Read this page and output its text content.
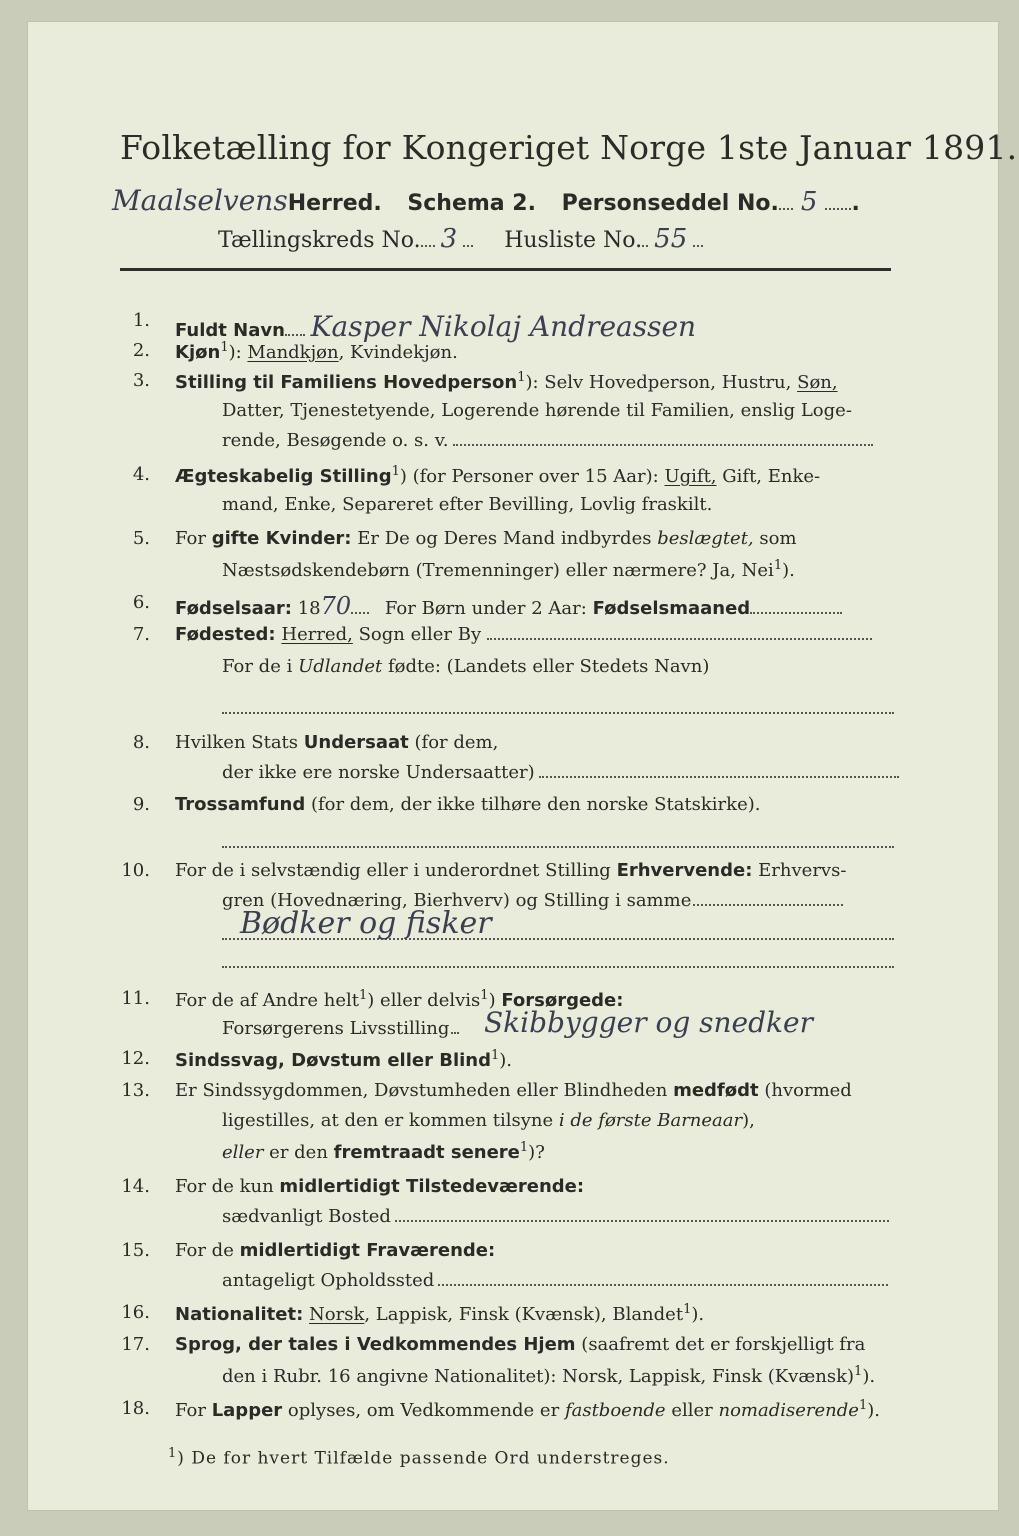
Folketælling for Kongeriget Norge 1ste Januar 1891.
MaalselvensHerred. Schema 2. Personseddel No. 5 .
Tællingskreds No. 3 Husliste No. 55
1. Fuldt Navn Kasper Nikolaj Andreassen
2. Kjøn$^1$): Mandkjøn, Kvindekjøn.
3. Stilling til Familiens Hovedperson$^1$): Selv Hovedperson, Hustru, Søn,
Datter, Tjenestetyende, Logerende hørende til Familien, enslig Loge-
rende, Besøgende o. s. v.
4. Ægteskabelig Stilling$^1$) (for Personer over 15 Aar): Ugift, Gift, Enke-
mand, Enke, Separeret efter Bevilling, Lovlig fraskilt.
5. For gifte Kvinder: Er De og Deres Mand indbyrdes beslægtet, som
Næstsødskendebørn (Tremenninger) eller nærmere? Ja, Nei$^1$).
6. Fødselsaar: 1870 For Børn under 2 Aar: Fødselsmaaned
7. Fødested: Herred, Sogn eller By
For de i Udlandet fødte: (Landets eller Stedets Navn)
8. Hvilken Stats Undersaat (for dem,
der ikke ere norske Undersaatter)
9. Trossamfund (for dem, der ikke tilhøre den norske Statskirke).
10. For de i selvstændig eller i underordnet Stilling Erhvervende: Erhvervs-
gren (Hovednæring, Bierhverv) og Stilling i samme
Bødker og fisker
11. For de af Andre helt$^1$) eller delvis$^1$) Forsørgede:
Forsørgerens Livsstilling	Skibbygger og snedker
12. Sindssvag, Døvstum eller Blind$^1$).
13. Er Sindssygdommen, Døvstumheden eller Blindheden medfødt (hvormed
ligestilles, at den er kommen tilsyne i de første Barneaar),
eller er den fremtraadt senere$^1$)?
14. For de kun midlertidigt Tilstedeværende:
sædvanligt Bosted
15. For de midlertidigt Fraværende:
antageligt Opholdssted
16. Nationalitet: Norsk, Lappisk, Finsk (Kvænsk), Blandet$^1$).
17. Sprog, der tales i Vedkommendes Hjem (saafremt det er forskjelligt fra
den i Rubr. 16 angivne Nationalitet): Norsk, Lappisk, Finsk (Kvænsk)$^1$).
18. For Lapper oplyses, om Vedkommende er fastboende eller nomadiserende$^1$).
$^1$) De for hvert Tilfælde passende Ord understreges.
